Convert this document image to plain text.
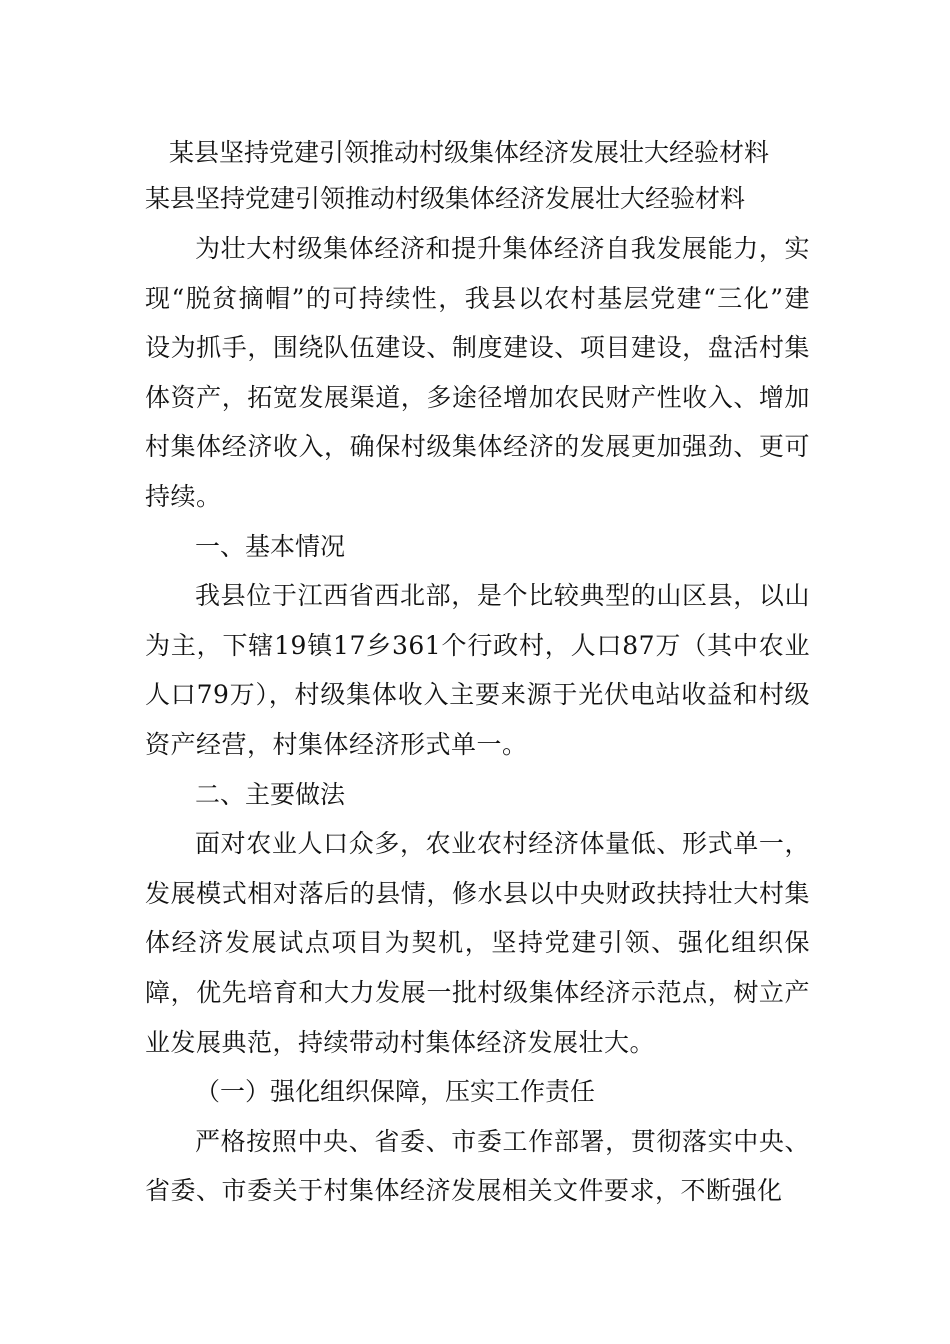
某县坚持党建引领推动村级集体经济发展壮大经验材料
某县坚持党建引领推动村级集体经济发展壮大经验材料

为壮大村级集体经济和提升集体经济自我发展能力，实现“脱贫摘帽”的可持续性，我县以农村基层党建“三化”建设为抓手，围绕队伍建设、制度建设、项目建设，盘活村集体资产，拓宽发展渠道，多途径增加农民财产性收入、增加村集体经济收入，确保村级集体经济的发展更加强劲、更可持续。

一、基本情况

我县位于江西省西北部，是个比较典型的山区县，以山为主，下辖19镇17乡361个行政村，人口87万（其中农业人口79万），村级集体收入主要来源于光伏电站收益和村级资产经营，村集体经济形式单一。

二、主要做法

面对农业人口众多，农业农村经济体量低、形式单一，发展模式相对落后的县情，修水县以中央财政扶持壮大村集体经济发展试点项目为契机，坚持党建引领、强化组织保障，优先培育和大力发展一批村级集体经济示范点，树立产业发展典范，持续带动村集体经济发展壮大。

（一）强化组织保障，压实工作责任

严格按照中央、省委、市委工作部署，贯彻落实中央、省委、市委关于村集体经济发展相关文件要求，不断强化
